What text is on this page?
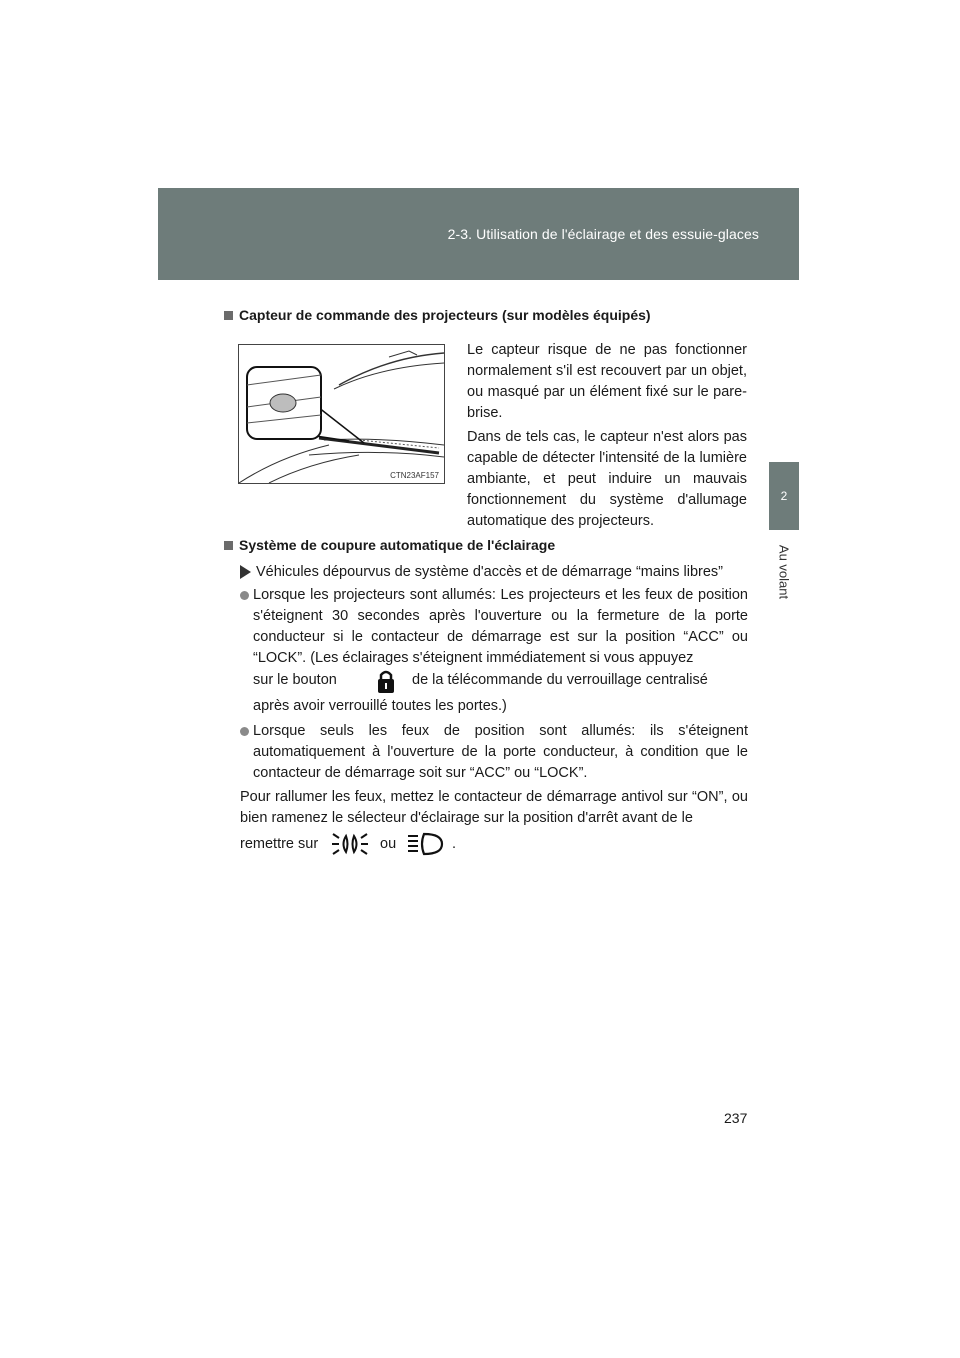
2-3. Utilisation de l'éclairage et des essuie-glaces
2
Au volant
Capteur de commande des projecteurs (sur modèles équipés)
CTN23AF157

Le capteur risque de ne pas fonctionner normalement s'il est recouvert par un objet, ou masqué par un élément fixé sur le pare-brise.

Dans de tels cas, le capteur n'est alors pas capable de détecter l'intensité de la lumière ambiante, et peut induire un mauvais fonctionnement du système d'allumage automatique des projecteurs.

Système de coupure automatique de l'éclairage
Véhicules dépourvus de système d'accès et de démarrage “mains libres”

Lorsque les projecteurs sont allumés: Les projecteurs et les feux de position s'éteignent 30 secondes après l'ouverture ou la fermeture de la porte conducteur si le contacteur de démarrage est sur la position “ACC” ou “LOCK”. (Les éclairages s'éteignent immédiatement si vous appuyez

sur le bouton	de la télécommande du verrouillage centralisé

après avoir verrouillé toutes les portes.)

Lorsque seuls les feux de position sont allumés: ils s'éteignent automatiquement à l'ouverture de la porte conducteur, à condition que le contacteur de démarrage soit sur “ACC” ou “LOCK”.

Pour rallumer les feux, mettez le contacteur de démarrage antivol sur “ON”, ou bien ramenez le sélecteur d'éclairage sur la position d'arrêt avant de le

remettre sur	ou	.
237
